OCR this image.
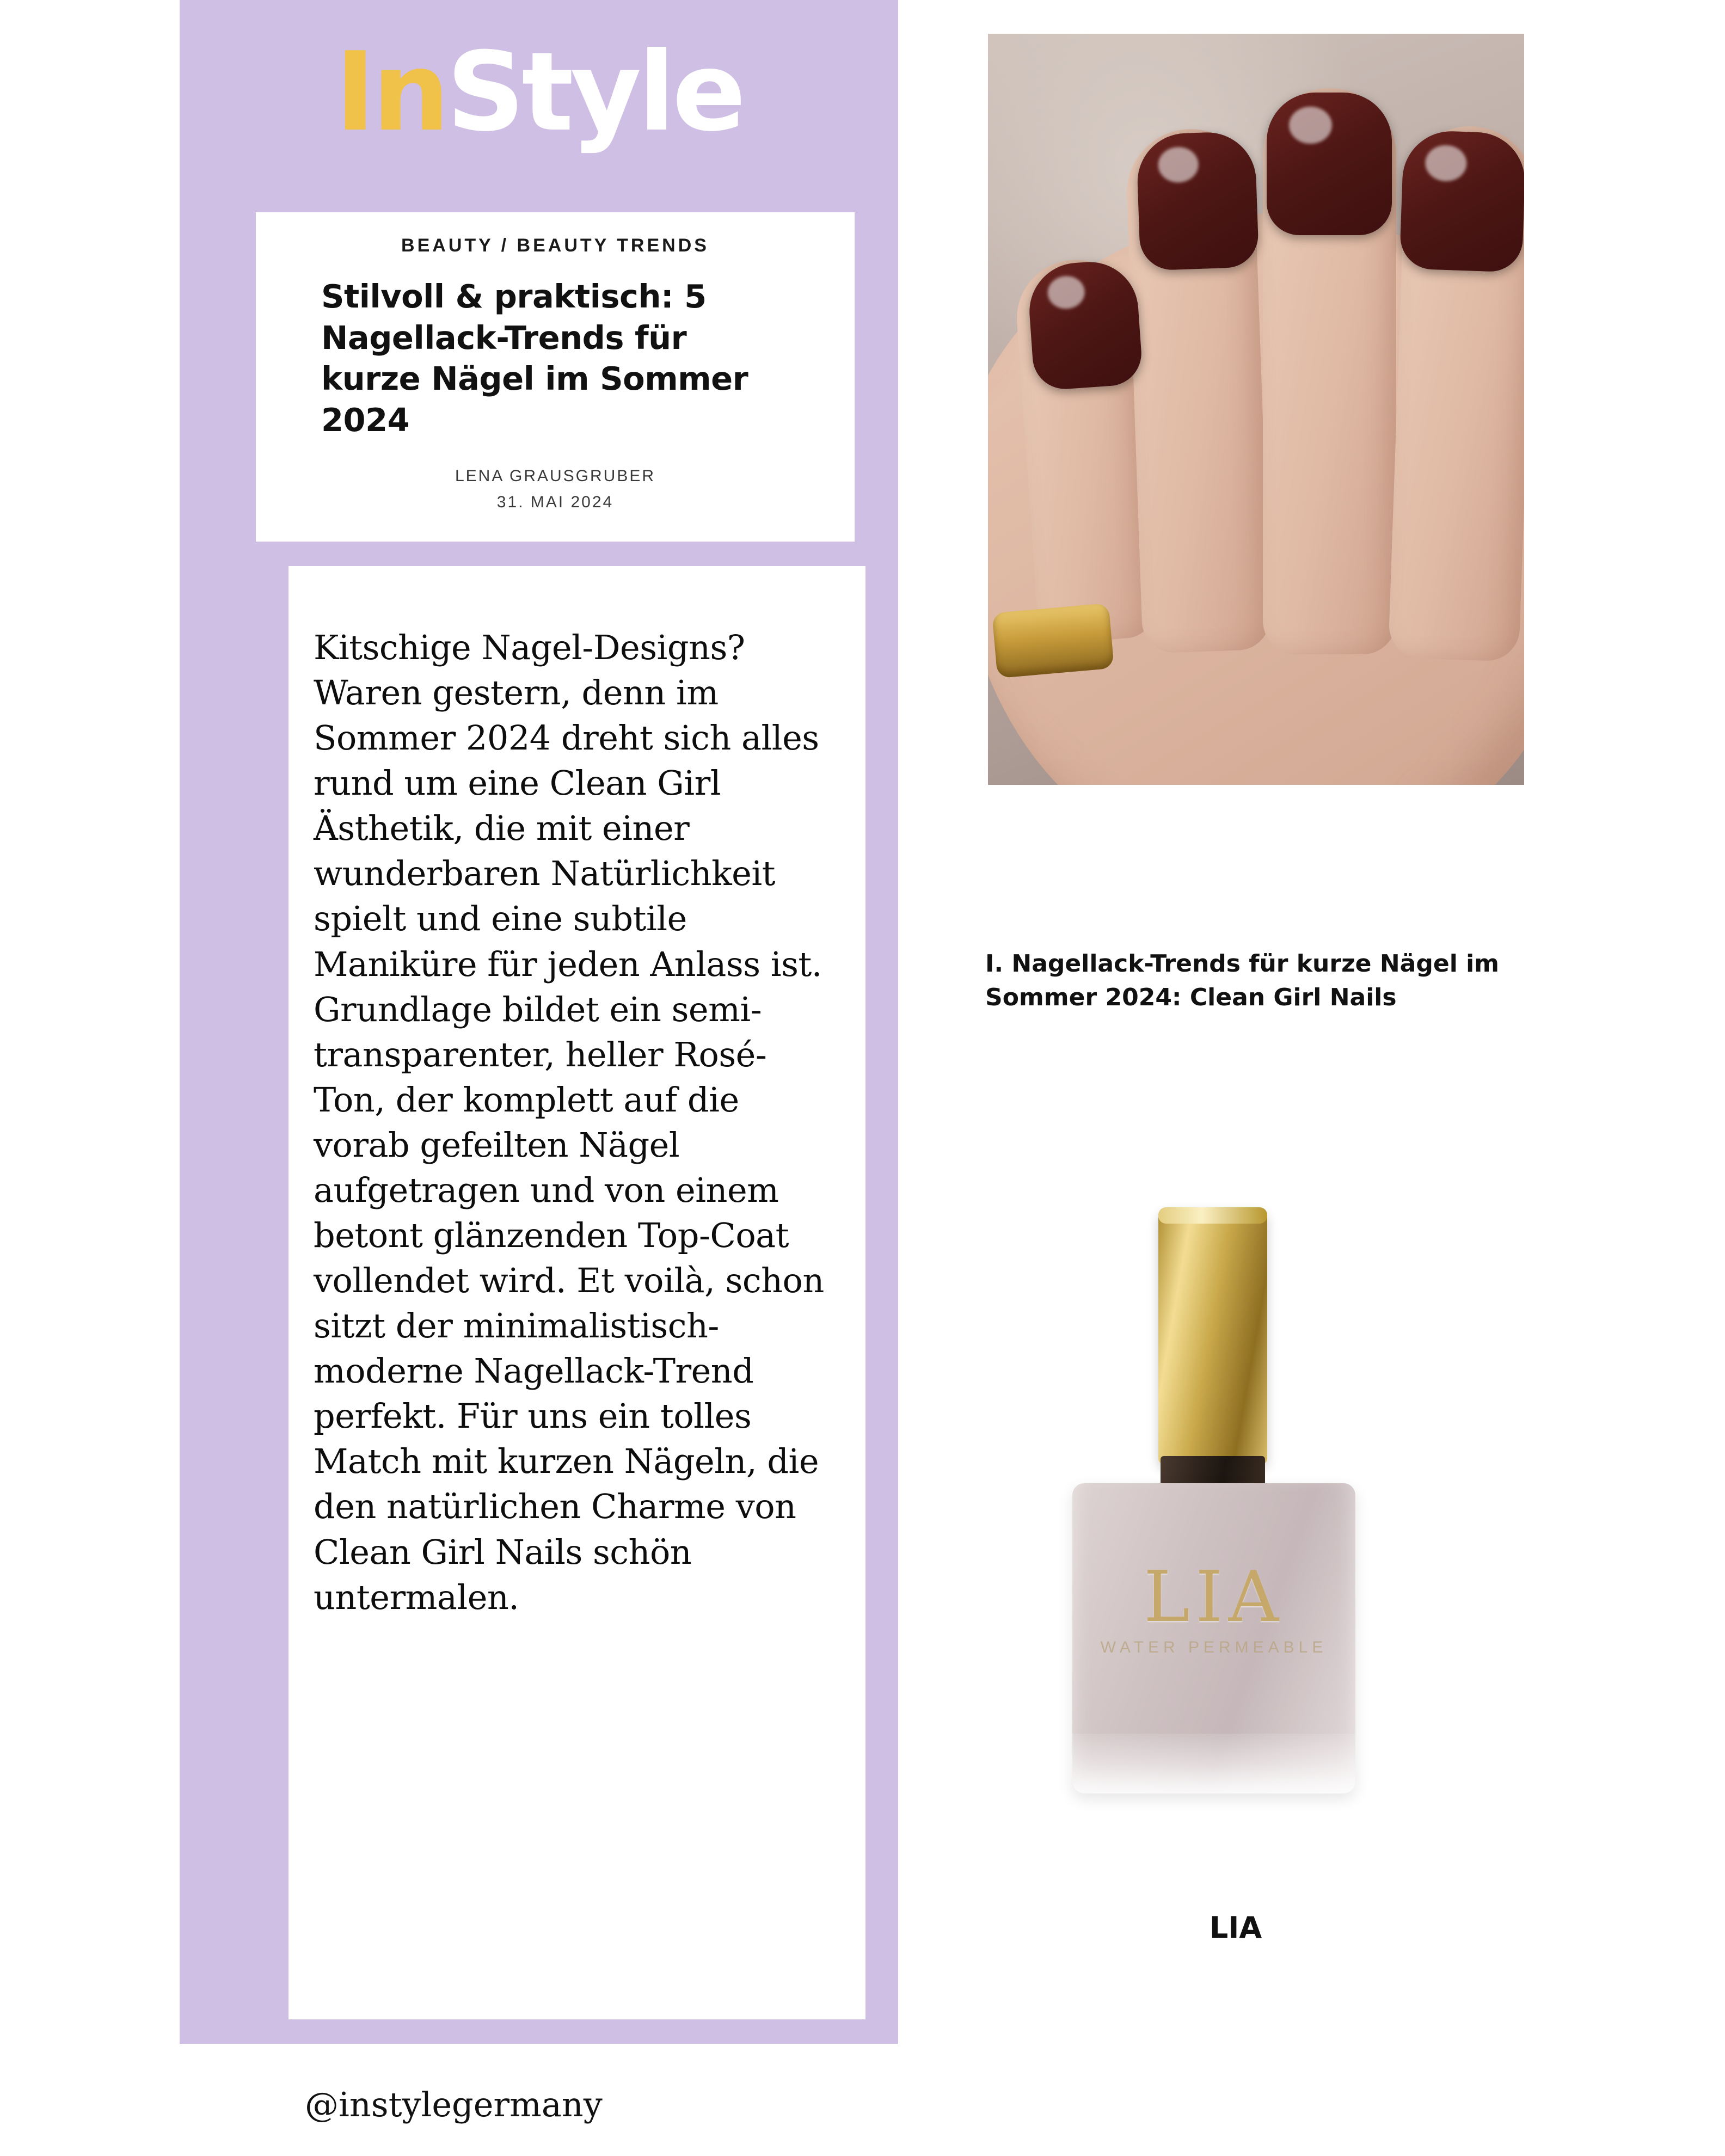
InStyle
BEAUTY / BEAUTY TRENDS
Stilvoll & praktisch: 5 Nagellack-Trends für kurze Nägel im Sommer 2024
LENA GRAUSGRUBER
31. MAI 2024

Kitschige Nagel-Designs? Waren gestern, denn im Sommer 2024 dreht sich alles rund um eine Clean Girl Ästhetik, die mit einer wunderbaren Natürlichkeit spielt und eine subtile Maniküre für jeden Anlass ist. Grundlage bildet ein semi-transparenter, heller Rosé-Ton, der komplett auf die vorab gefeilten Nägel aufgetragen und von einem betont glänzenden Top-Coat vollendet wird. Et voilà, schon sitzt der minimalistisch-moderne Nagellack-Trend perfekt. Für uns ein tolles Match mit kurzen Nägeln, die den natürlichen Charme von Clean Girl Nails schön untermalen.

@instylegermany
I. Nagellack-Trends für kurze Nägel im Sommer 2024: Clean Girl Nails
LIA
WATER PERMEABLE
LIA
